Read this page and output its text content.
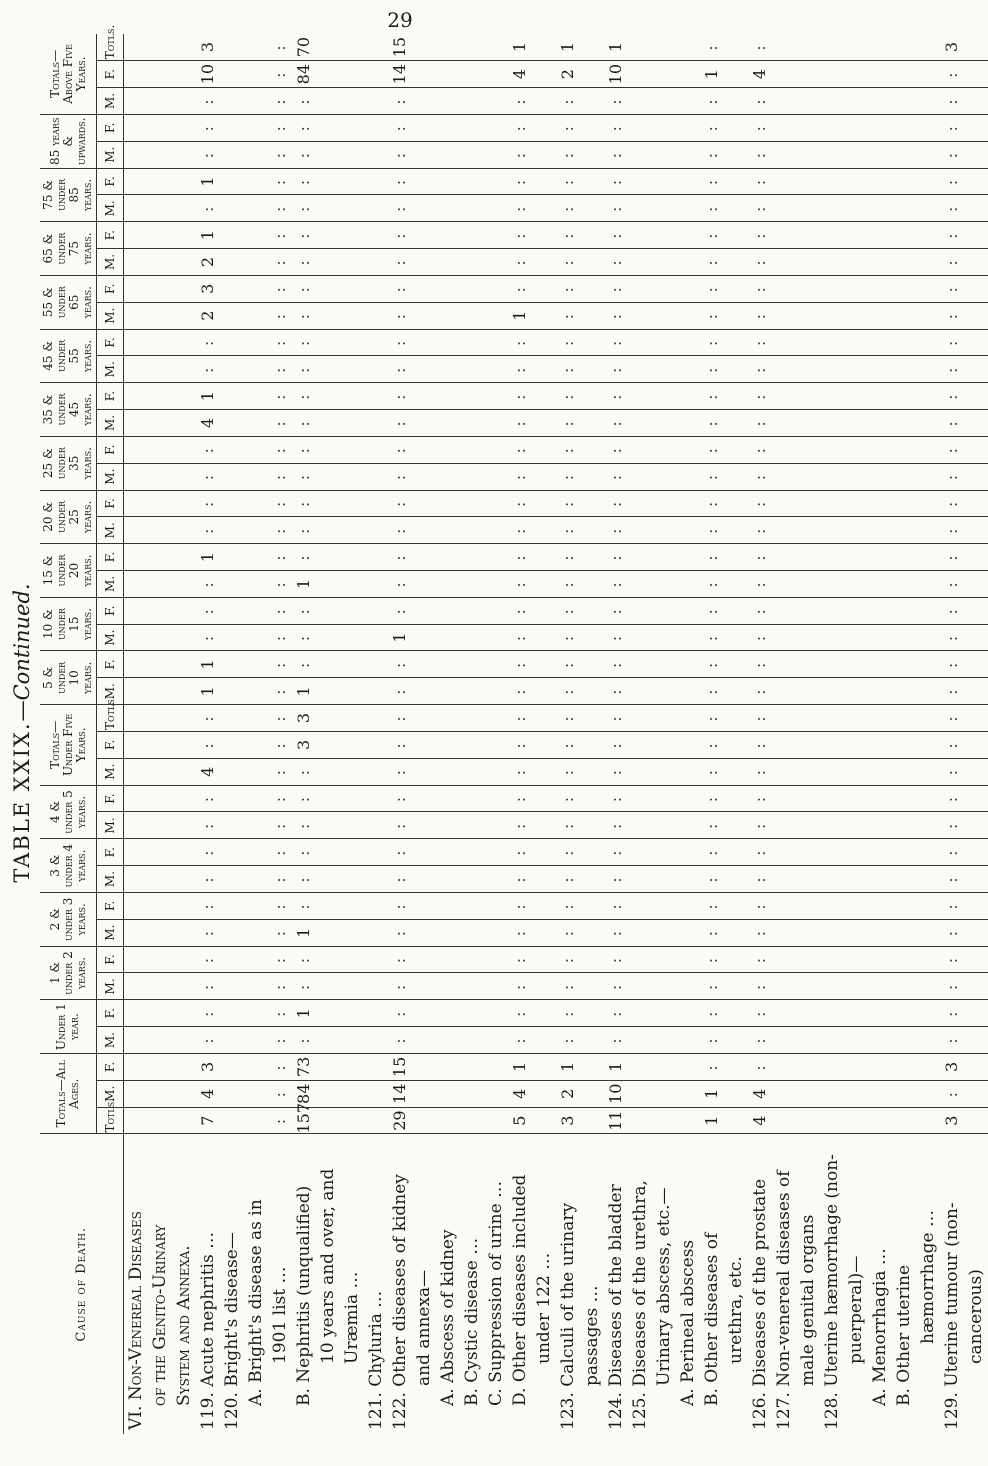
29
TABLE XXIX.—Continued.
Cause of Death.	Totals—All Ages.			Under 1 year.		1 & under 2 years.		2 & under 3 years.		3 & under 4 years.		4 & under 5 years.		Totals—Under Five Years.			5 & under 10 years.		10 & under 15 years.		15 & under 20 years.		20 & under 25 years.		25 & under 35 years.		35 & under 45 years.		45 & under 55 years.		55 & under 65 years.		65 & under 75 years.		75 & under 85 years.		85 years & upwards.		Totals—Above Five Years.		
	Totls.	M.	F.	M.	F.	M.	F.	M.	F.	M.	F.	M.	F.	M.	F.	Totls.	M.	F.	M.	F.	M.	F.	M.	F.	M.	F.	M.	F.	M.	F.	M.	F.	M.	F.	M.	F.	M.	F.	M.	F.	Totls.
VI. Non-Venereal Diseases																																									
of the Genito-Urinary																																									
System and Annexa.																																									
119. Acute nephritis …	7	4	3	:	:	:	:	:	:	:	:	:	:	4	:	:	1	1	:	:	:	1	:	:	:	:	4	1	:	:	2	3	2	1	:	1	:	:	:	10	3
120. Bright's disease—																																									
A. Bright's disease as in																																									
1901 list …	:	:	:	:	:	:	:	:	:	:	:	:	:	:	:	:	:	:	:	:	:	:	:	:	:	:	:	:	:	:	:	:	:	:	:	:	:	:	:	:	:
B. Nephritis (unqualified)	157	84	73	:	1	:	:	1	:	:	:	:	:	:	3	3	1	:	:	:	1	:	:	:	:	:	:	:	:	:	:	:	:	:	:	:	:	:	:	84	70
10 years and over, and																																									
Uræmia …																																									
121. Chyluria …																																									
122. Other diseases of kidney	29	14	15	:	:	:	:	:	:	:	:	:	:	:	:	:	:	:	1	:	:	:	:	:	:	:	:	:	:	:	:	:	:	:	:	:	:	:	:	14	15
and annexa—																																									
A. Abscess of kidney																																									
B. Cystic disease …																																									
C. Suppression of urine …																																									
D. Other diseases included	5	4	1	:	:	:	:	:	:	:	:	:	:	:	:	:	:	:	:	:	:	:	:	:	:	:	:	:	:	:	1	:	:	:	:	:	:	:	:	4	1
under 122 …																																									
123. Calculi of the urinary	3	2	1	:	:	:	:	:	:	:	:	:	:	:	:	:	:	:	:	:	:	:	:	:	:	:	:	:	:	:	:	:	:	:	:	:	:	:	:	2	1
passages …																																									
124. Diseases of the bladder	11	10	1	:	:	:	:	:	:	:	:	:	:	:	:	:	:	:	:	:	:	:	:	:	:	:	:	:	:	:	:	:	:	:	:	:	:	:	:	10	1
125. Diseases of the urethra,																																									
Urinary abscess, etc.—																																									
A. Perineal abscess																																									
B. Other diseases of	1	1	:	:	:	:	:	:	:	:	:	:	:	:	:	:	:	:	:	:	:	:	:	:	:	:	:	:	:	:	:	:	:	:	:	:	:	:	:	1	:
urethra, etc.																																									
126. Diseases of the prostate	4	4	:	:	:	:	:	:	:	:	:	:	:	:	:	:	:	:	:	:	:	:	:	:	:	:	:	:	:	:	:	:	:	:	:	:	:	:	:	4	:
127. Non-venereal diseases of																																									
male genital organs																																									
128. Uterine hæmorrhage (non-																																									
puerperal)—																																									
A. Menorrhagia …																																									
B. Other uterine																																									
hæmorrhage …																																									
129. Uterine tumour (non-	3	:	3	:	:	:	:	:	:	:	:	:	:	:	:	:	:	:	:	:	:	:	:	:	:	:	:	:	:	:	:	:	:	:	:	:	:	:	:	:	3
cancerous)																																									
